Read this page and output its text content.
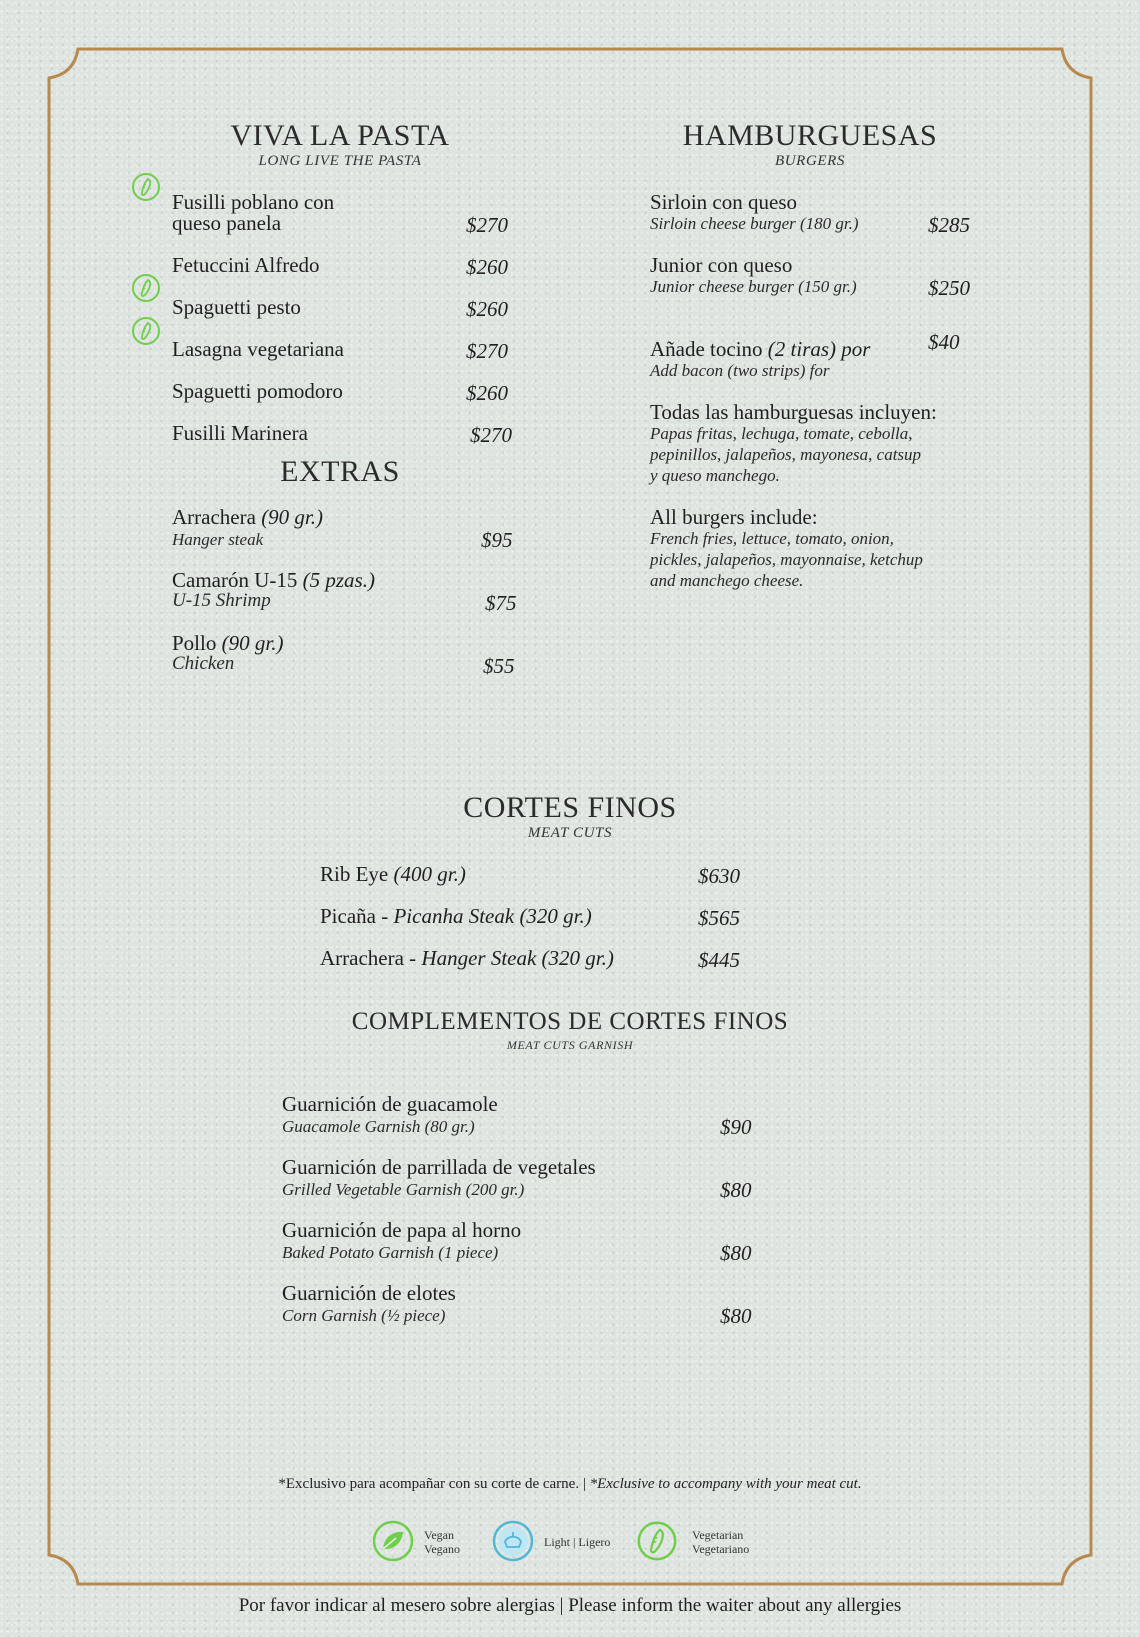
VIVA LA PASTA
LONG LIVE THE PASTA
Fusilli poblano con
queso panela	$270
Fetuccini Alfredo	$260
Spaguetti pesto	$260
Lasagna vegetariana	$270
Spaguetti pomodoro	$260
Fusilli Marinera	$270
EXTRAS
Arrachera (90 gr.)
Hanger steak	$95
Camarón U-15 (5 pzas.)
U-15 Shrimp	$75
Pollo (90 gr.)
Chicken	$55
HAMBURGUESAS
BURGERS
Sirloin con queso
Sirloin cheese burger (180 gr.)	$285
Junior con queso
Junior cheese burger (150 gr.)	$250
Añade tocino (2 tiras) por
Add bacon (two strips) for
$40
Todas las hamburguesas incluyen:
Papas fritas, lechuga, tomate, cebolla,
pepinillos, jalapeños, mayonesa, catsup
y queso manchego.
All burgers include:
French fries, lettuce, tomato, onion,
pickles, jalapeños, mayonnaise, ketchup
and manchego cheese.
CORTES FINOS
MEAT CUTS
Rib Eye (400 gr.)	$630
Picaña - Picanha Steak (320 gr.)	$565
Arrachera - Hanger Steak (320 gr.)	$445
COMPLEMENTOS DE CORTES FINOS
MEAT CUTS GARNISH
Guarnición de guacamole
Guacamole Garnish (80 gr.)	$90
Guarnición de parrillada de vegetales
Grilled Vegetable Garnish (200 gr.)	$80
Guarnición de papa al horno
Baked Potato Garnish (1 piece)	$80
Guarnición de elotes
Corn Garnish (½ piece)	$80
*Exclusivo para acompañar con su corte de carne. | *Exclusive to accompany with your meat cut.
Vegan
Vegano	Light | Ligero	Vegetarian
Vegetariano
Por favor indicar al mesero sobre alergias | Please inform the waiter about any allergies
